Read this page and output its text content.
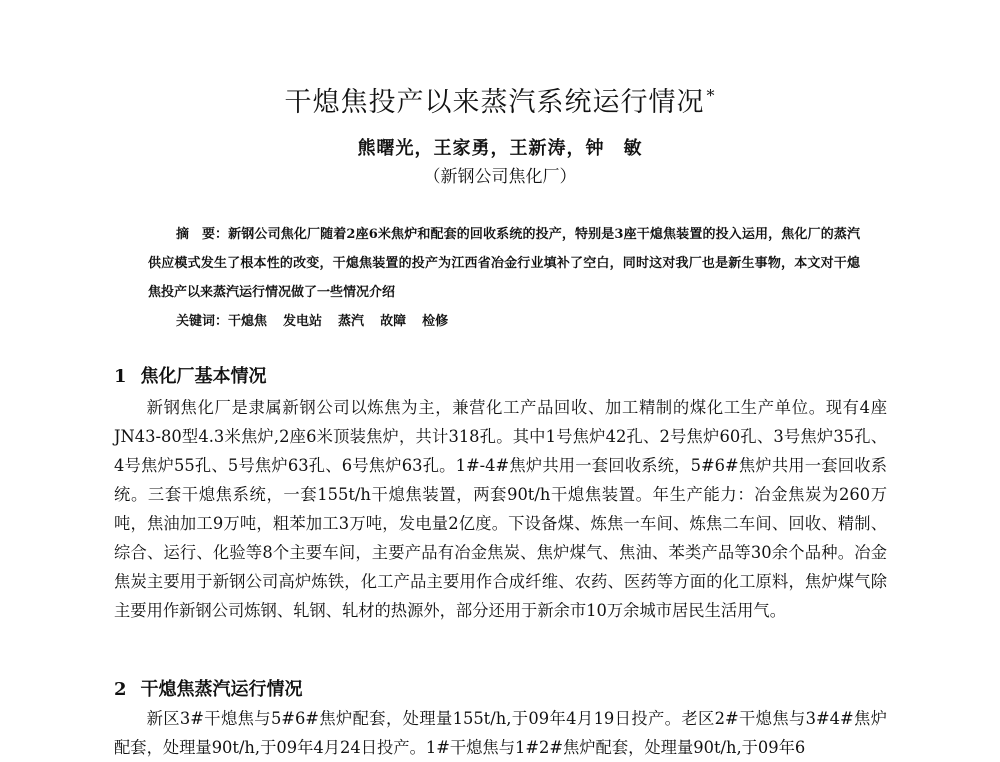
干熄焦投产以来蒸汽系统运行情况 *
熊曙光，王家勇，王新涛，钟　敏
（新钢公司焦化厂）

摘　要：新钢公司焦化厂随着2座6米焦炉和配套的回收系统的投产，特别是3座干熄焦装置的投入运用，焦化厂的蒸汽供应模式发生了根本性的改变，干熄焦装置的投产为江西省冶金行业填补了空白，同时这对我厂也是新生事物，本文对干熄焦投产以来蒸汽运行情况做了一些情况介绍

关键词：干熄焦 发电站 蒸汽 故障 检修
1 焦化厂基本情况

新钢焦化厂是隶属新钢公司以炼焦为主，兼营化工产品回收、加工精制的煤化工生产单位。现有4座JN43-80型4.3米焦炉,2座6米顶装焦炉，共计318孔。其中1号焦炉42孔、2号焦炉60孔、3号焦炉35孔、4号焦炉55孔、5号焦炉63孔、6号焦炉63孔。1#-4#焦炉共用一套回收系统，5#6#焦炉共用一套回收系统。三套干熄焦系统，一套155t/h干熄焦装置，两套90t/h干熄焦装置。年生产能力：冶金焦炭为260万吨，焦油加工9万吨，粗苯加工3万吨，发电量2亿度。下设备煤、炼焦一车间、炼焦二车间、回收、精制、综合、运行、化验等8个主要车间，主要产品有冶金焦炭、焦炉煤气、焦油、苯类产品等30余个品种。冶金焦炭主要用于新钢公司高炉炼铁，化工产品主要用作合成纤维、农药、医药等方面的化工原料，焦炉煤气除主要用作新钢公司炼钢、轧钢、轧材的热源外，部分还用于新余市10万余城市居民生活用气。

2 干熄焦蒸汽运行情况

新区3#干熄焦与5#6#焦炉配套，处理量155t/h,于09年4月19日投产。老区2#干熄焦与3#4#焦炉配套，处理量90t/h,于09年4月24日投产。1#干熄焦与1#2#焦炉配套，处理量90t/h,于09年6
